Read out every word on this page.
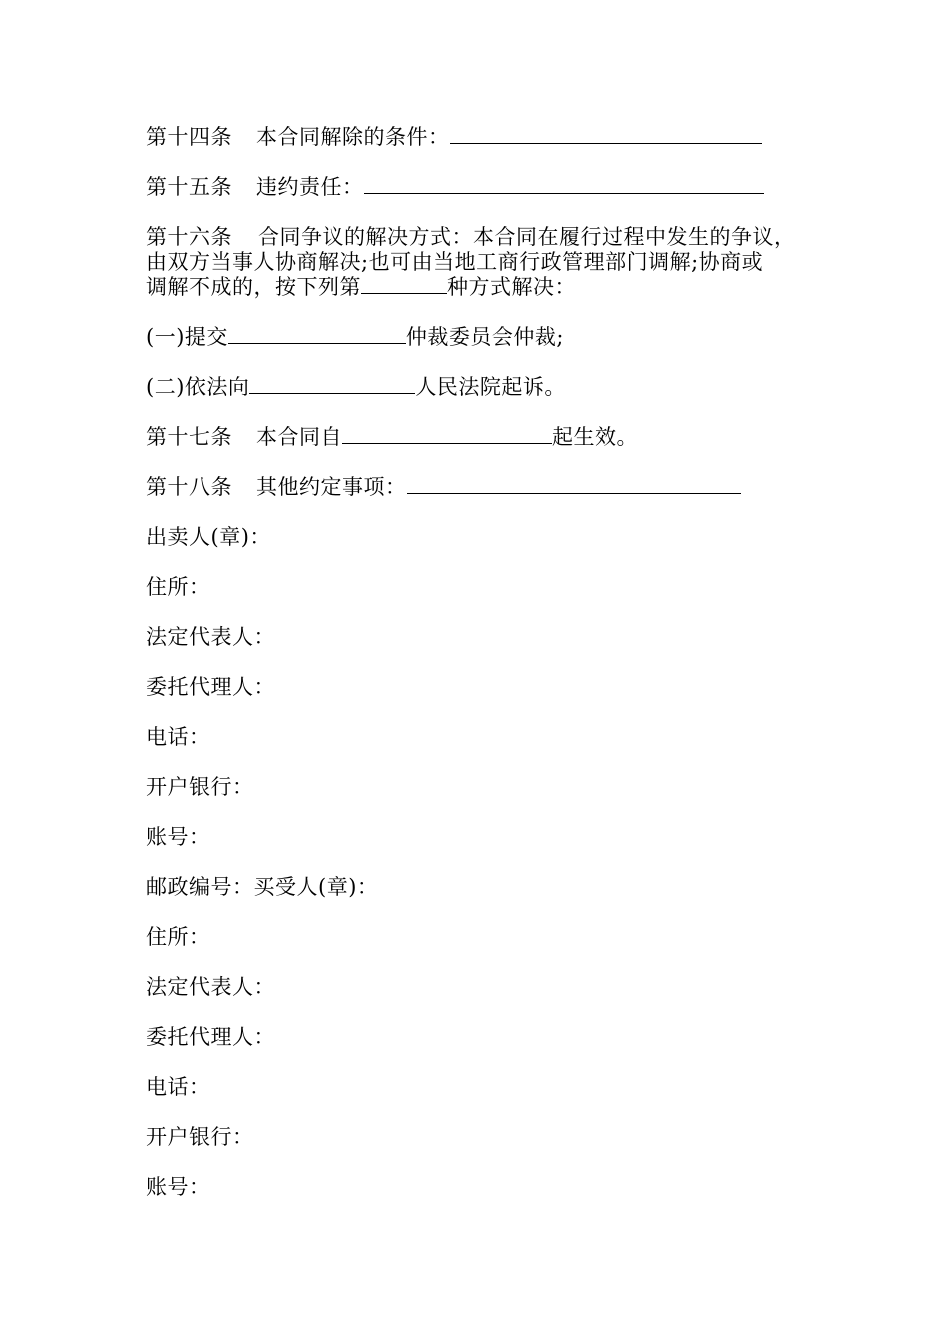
第十四条 本合同解除的条件：
第十五条 违约责任：
第十六条 合同争议的解决方式：本合同在履行过程中发生的争议，
由双方当事人协商解决;也可由当地工商行政管理部门调解;协商或
调解不成的，按下列第	种方式解决：
(一)提交	仲裁委员会仲裁;
(二)依法向	人民法院起诉。
第十七条 本合同自	起生效。
第十八条 其他约定事项：
出卖人(章)：
住所：
法定代表人：
委托代理人：
电话：
开户银行：
账号：
邮政编号：买受人(章)：
住所：
法定代表人：
委托代理人：
电话：
开户银行：
账号：
